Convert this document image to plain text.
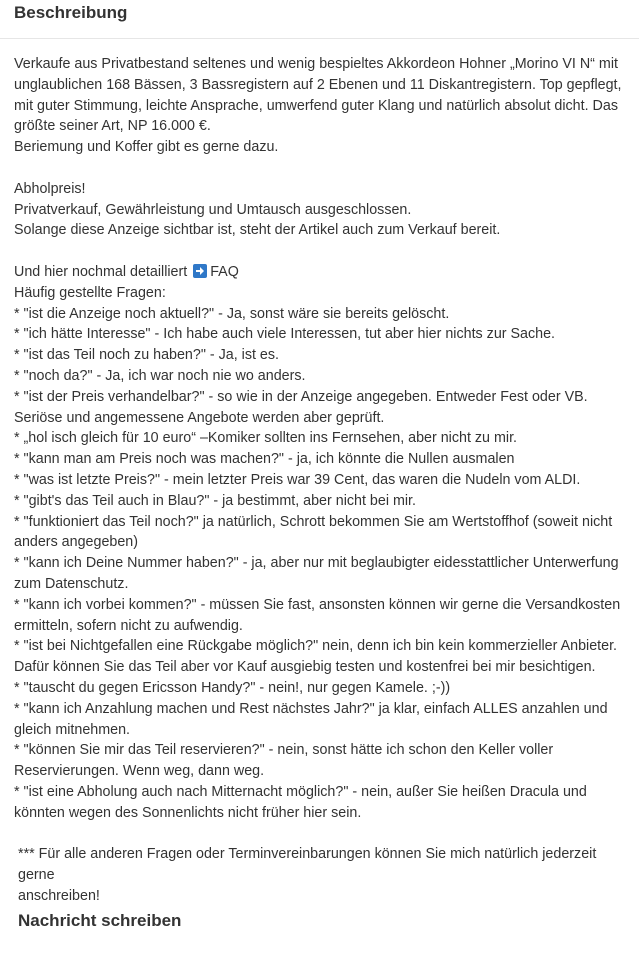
Beschreibung
Verkaufe aus Privatbestand seltenes und wenig bespieltes Akkordeon Hohner „Morino VI N“ mit
unglaublichen 168 Bässen, 3 Bassregistern auf 2 Ebenen und 11 Diskantregistern. Top gepflegt,
mit guter Stimmung, leichte Ansprache, umwerfend guter Klang und natürlich absolut dicht. Das
größte seiner Art, NP 16.000 €.
Beriemung und Koffer gibt es gerne dazu.
Abholpreis!
Privatverkauf, Gewährleistung und Umtausch ausgeschlossen.
Solange diese Anzeige sichtbar ist, steht der Artikel auch zum Verkauf bereit.
Und hier nochmal detailliert FAQ
Häufig gestellte Fragen:
* "ist die Anzeige noch aktuell?" - Ja, sonst wäre sie bereits gelöscht.
* "ich hätte Interesse" - Ich habe auch viele Interessen, tut aber hier nichts zur Sache.
* "ist das Teil noch zu haben?" - Ja, ist es.
* "noch da?" - Ja, ich war noch nie wo anders.
* "ist der Preis verhandelbar?" - so wie in der Anzeige angegeben. Entweder Fest oder VB.
Seriöse und angemessene Angebote werden aber geprüft.
* „hol isch gleich für 10 euro“ –Komiker sollten ins Fernsehen, aber nicht zu mir.
* "kann man am Preis noch was machen?" - ja, ich könnte die Nullen ausmalen
* "was ist letzte Preis?" - mein letzter Preis war 39 Cent, das waren die Nudeln vom ALDI.
* "gibt's das Teil auch in Blau?" - ja bestimmt, aber nicht bei mir.
* "funktioniert das Teil noch?" ja natürlich, Schrott bekommen Sie am Wertstoffhof (soweit nicht
anders angegeben)
* "kann ich Deine Nummer haben?" - ja, aber nur mit beglaubigter eidesstattlicher Unterwerfung
zum Datenschutz.
* "kann ich vorbei kommen?" - müssen Sie fast, ansonsten können wir gerne die Versandkosten
ermitteln, sofern nicht zu aufwendig.
* "ist bei Nichtgefallen eine Rückgabe möglich?" nein, denn ich bin kein kommerzieller Anbieter.
Dafür können Sie das Teil aber vor Kauf ausgiebig testen und kostenfrei bei mir besichtigen.
* "tauscht du gegen Ericsson Handy?" - nein!, nur gegen Kamele. ;-))
* "kann ich Anzahlung machen und Rest nächstes Jahr?" ja klar, einfach ALLES anzahlen und
gleich mitnehmen.
* "können Sie mir das Teil reservieren?" - nein, sonst hätte ich schon den Keller voller
Reservierungen. Wenn weg, dann weg.
* "ist eine Abholung auch nach Mitternacht möglich?" - nein, außer Sie heißen Dracula und
könnten wegen des Sonnenlichts nicht früher hier sein.
*** Für alle anderen Fragen oder Terminvereinbarungen können Sie mich natürlich jederzeit gerne
anschreiben!
Nachricht schreiben
